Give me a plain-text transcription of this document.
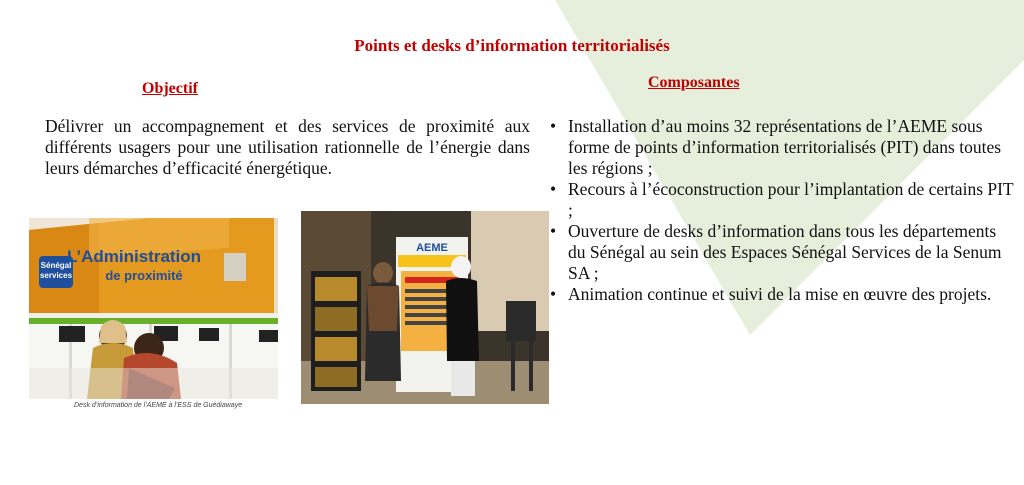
Points et desks d’information territorialisés
Objectif
Délivrer un accompagnement et des services de proximité aux différents usagers pour une utilisation rationnelle de l’énergie dans leurs démarches d’efficacité énergétique.
Composantes
• Installation d’au moins 32 représentations de l’AEME sous forme de points d’information territorialisés (PIT) dans toutes les régions ;
• Recours à l’écoconstruction pour l’implantation de certains PIT ;
• Ouverture de desks d’information dans tous les départements du Sénégal au sein des Espaces Sénégal Services de la Senum SA ;
• Animation continue et suivi de la mise en œuvre des projets.
Sénégal
services
L’Administration
de proximité
Desk d’information de l’AEME à l’ESS de Guédiawaye
AEME
